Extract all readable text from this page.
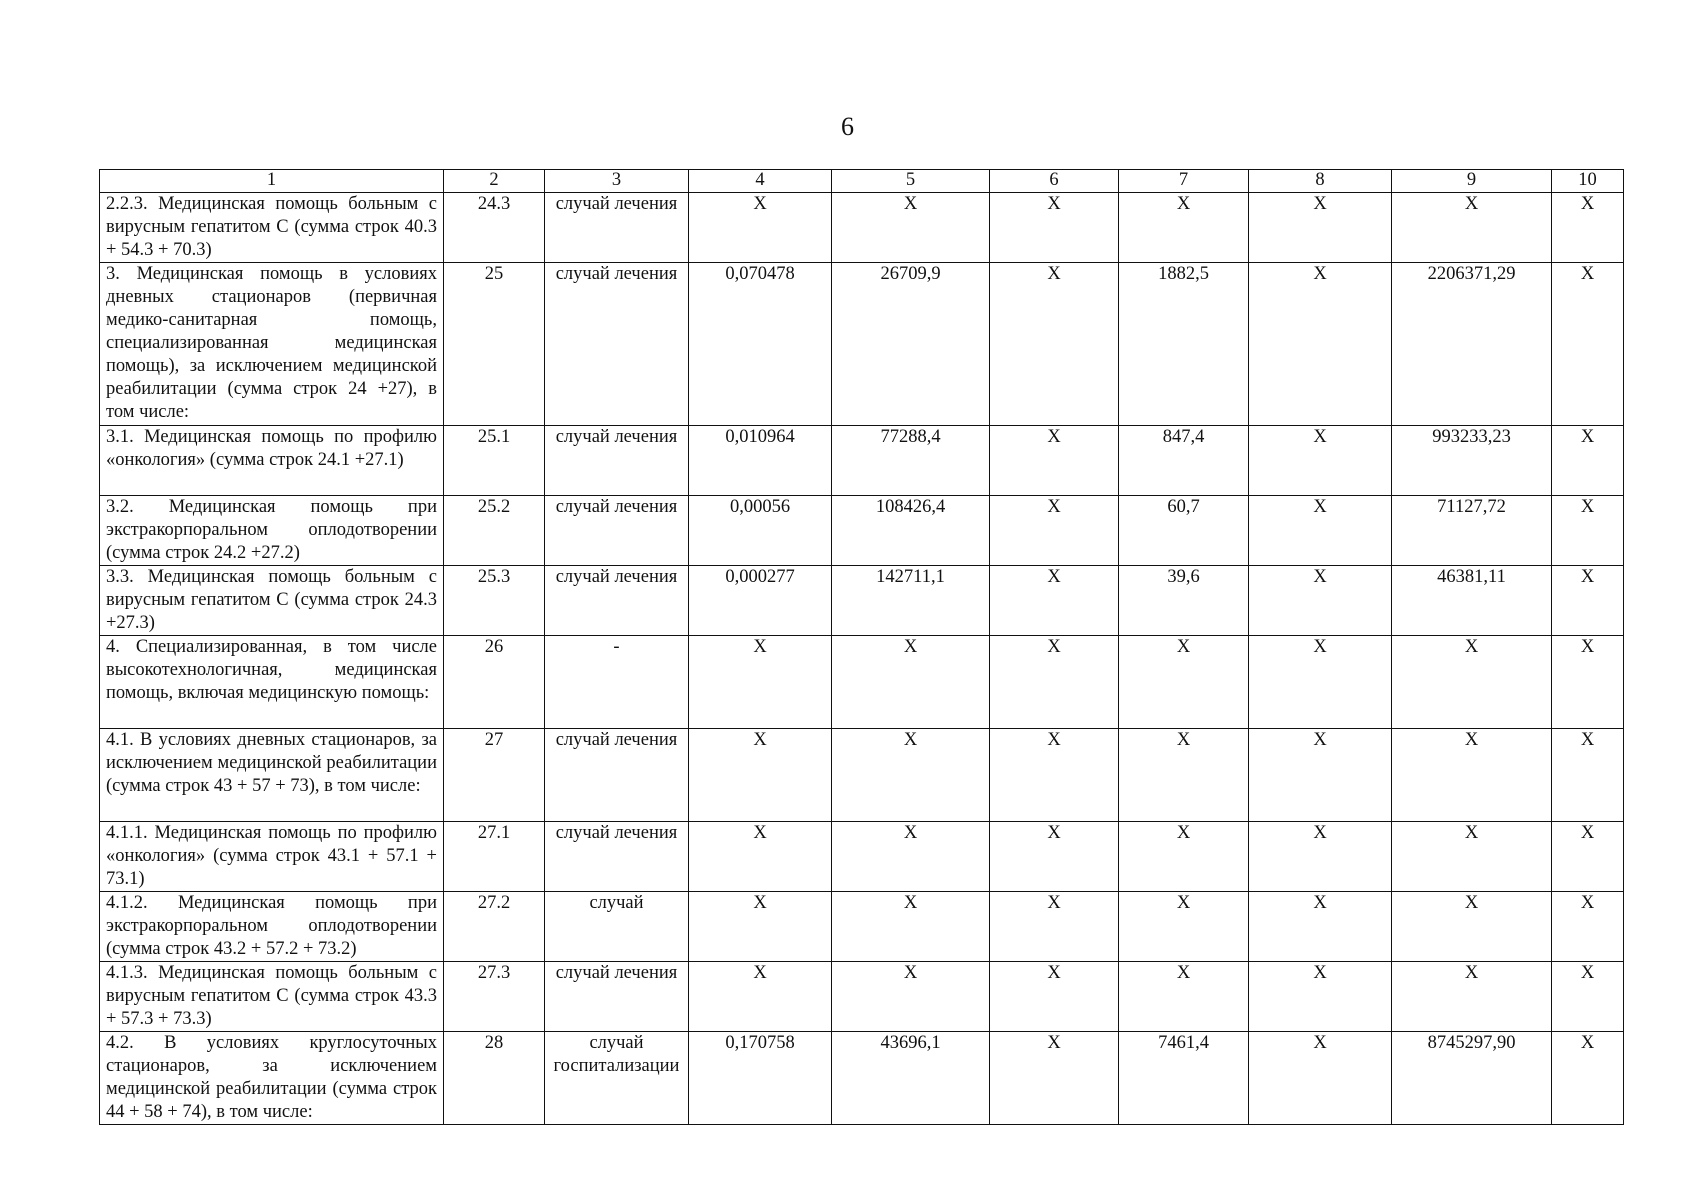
6
1	2	3	4	5	6	7	8	9	10
2.2.3. Медицинская помощь больным с вирусным гепатитом С (сумма строк 40.3 + 54.3 + 70.3)	24.3	случай лечения	X	X	X	X	X	X	X
3. Медицинская помощь в условиях дневных стационаров (первичная медико-санитарная помощь, специализированная медицинская помощь), за исключением медицинской реабилитации (сумма строк 24 +27), в том числе:	25	случай лечения	0,070478	26709,9	X	1882,5	X	2206371,29	X
3.1. Медицинская помощь по профилю «онкология» (сумма строк 24.1 +27.1)	25.1	случай лечения	0,010964	77288,4	X	847,4	X	993233,23	X
3.2. Медицинская помощь при экстракорпоральном оплодотворении (сумма строк 24.2 +27.2)	25.2	случай лечения	0,00056	108426,4	X	60,7	X	71127,72	X
3.3. Медицинская помощь больным с вирусным гепатитом С (сумма строк 24.3 +27.3)	25.3	случай лечения	0,000277	142711,1	X	39,6	X	46381,11	X
4. Специализированная, в том числе высокотехнологичная, медицинская помощь, включая медицинскую помощь:	26	-	X	X	X	X	X	X	X
4.1. В условиях дневных стационаров, за исключением медицинской реабилитации (сумма строк 43 + 57 + 73), в том числе:	27	случай лечения	X	X	X	X	X	X	X
4.1.1. Медицинская помощь по профилю «онкология» (сумма строк 43.1 + 57.1 + 73.1)	27.1	случай лечения	X	X	X	X	X	X	X
4.1.2. Медицинская помощь при экстракорпоральном оплодотворении (сумма строк 43.2 + 57.2 + 73.2)	27.2	случай	X	X	X	X	X	X	X
4.1.3. Медицинская помощь больным с вирусным гепатитом С (сумма строк 43.3 + 57.3 + 73.3)	27.3	случай лечения	X	X	X	X	X	X	X
4.2. В условиях круглосуточных стационаров, за исключением медицинской реабилитации (сумма строк 44 + 58 + 74), в том числе:	28	случай госпитализации	0,170758	43696,1	X	7461,4	X	8745297,90	X
